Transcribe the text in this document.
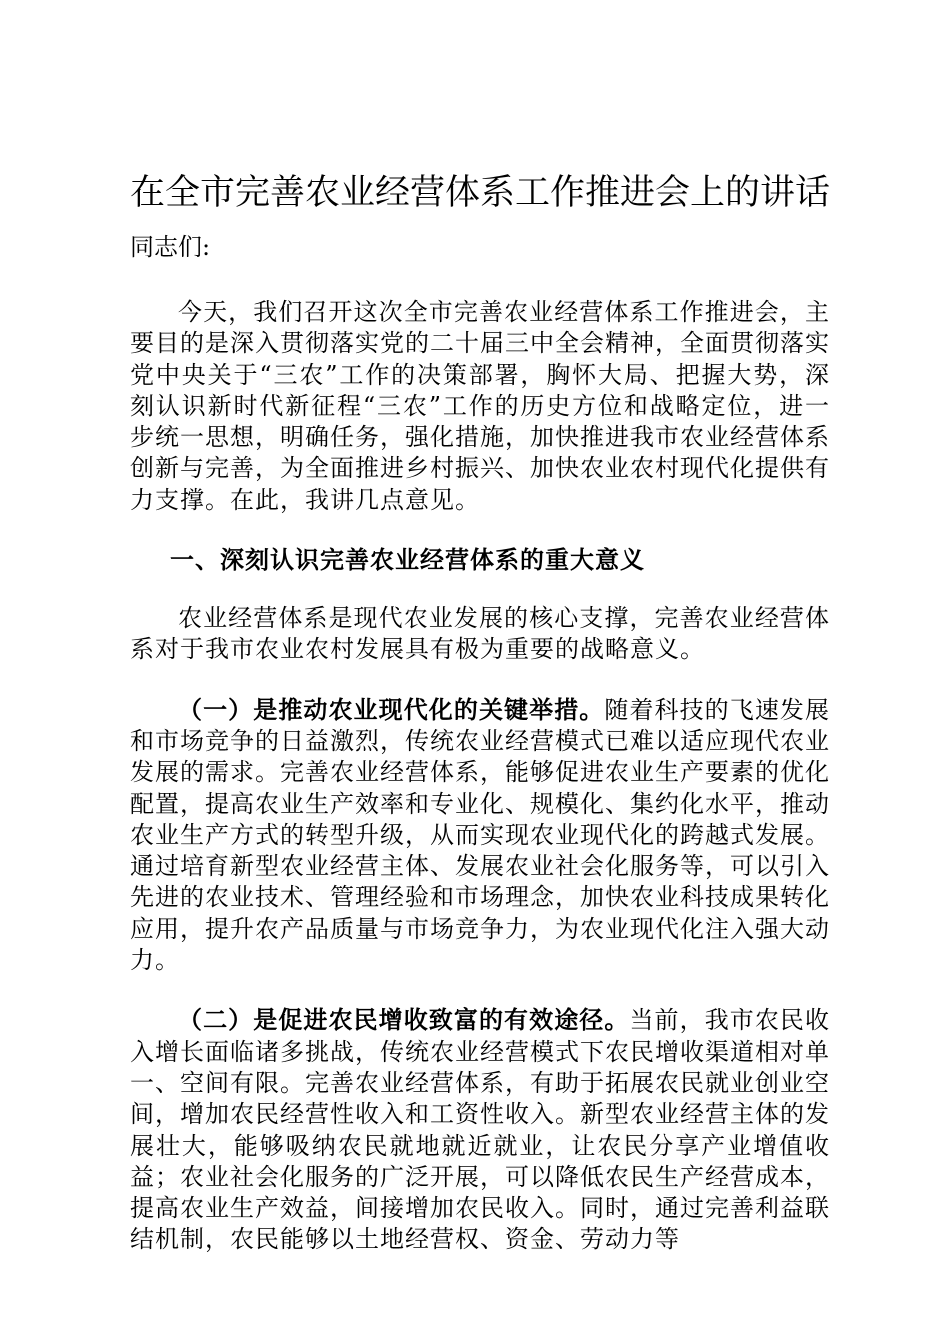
在全市完善农业经营体系工作推进会上的讲话

同志们:

今天，我们召开这次全市完善农业经营体系工作推进会，主要目的是深入贯彻落实党的二十届三中全会精神，全面贯彻落实党中央关于“三农”工作的决策部署，胸怀大局、把握大势，深刻认识新时代新征程“三农”工作的历史方位和战略定位，进一步统一思想，明确任务，强化措施，加快推进我市农业经营体系创新与完善，为全面推进乡村振兴、加快农业农村现代化提供有力支撑。在此，我讲几点意见。

一、深刻认识完善农业经营体系的重大意义

农业经营体系是现代农业发展的核心支撑，完善农业经营体系对于我市农业农村发展具有极为重要的战略意义。

（一）是推动农业现代化的关键举措。随着科技的飞速发展和市场竞争的日益激烈，传统农业经营模式已难以适应现代农业发展的需求。完善农业经营体系，能够促进农业生产要素的优化配置，提高农业生产效率和专业化、规模化、集约化水平，推动农业生产方式的转型升级，从而实现农业现代化的跨越式发展。通过培育新型农业经营主体、发展农业社会化服务等，可以引入先进的农业技术、管理经验和市场理念，加快农业科技成果转化应用，提升农产品质量与市场竞争力，为农业现代化注入强大动力。

（二）是促进农民增收致富的有效途径。当前，我市农民收入增长面临诸多挑战，传统农业经营模式下农民增收渠道相对单一、空间有限。完善农业经营体系，有助于拓展农民就业创业空间，增加农民经营性收入和工资性收入。新型农业经营主体的发展壮大，能够吸纳农民就地就近就业，让农民分享产业增值收益；农业社会化服务的广泛开展，可以降低农民生产经营成本，提高农业生产效益，间接增加农民收入。同时，通过完善利益联结机制，农民能够以土地经营权、资金、劳动力等
